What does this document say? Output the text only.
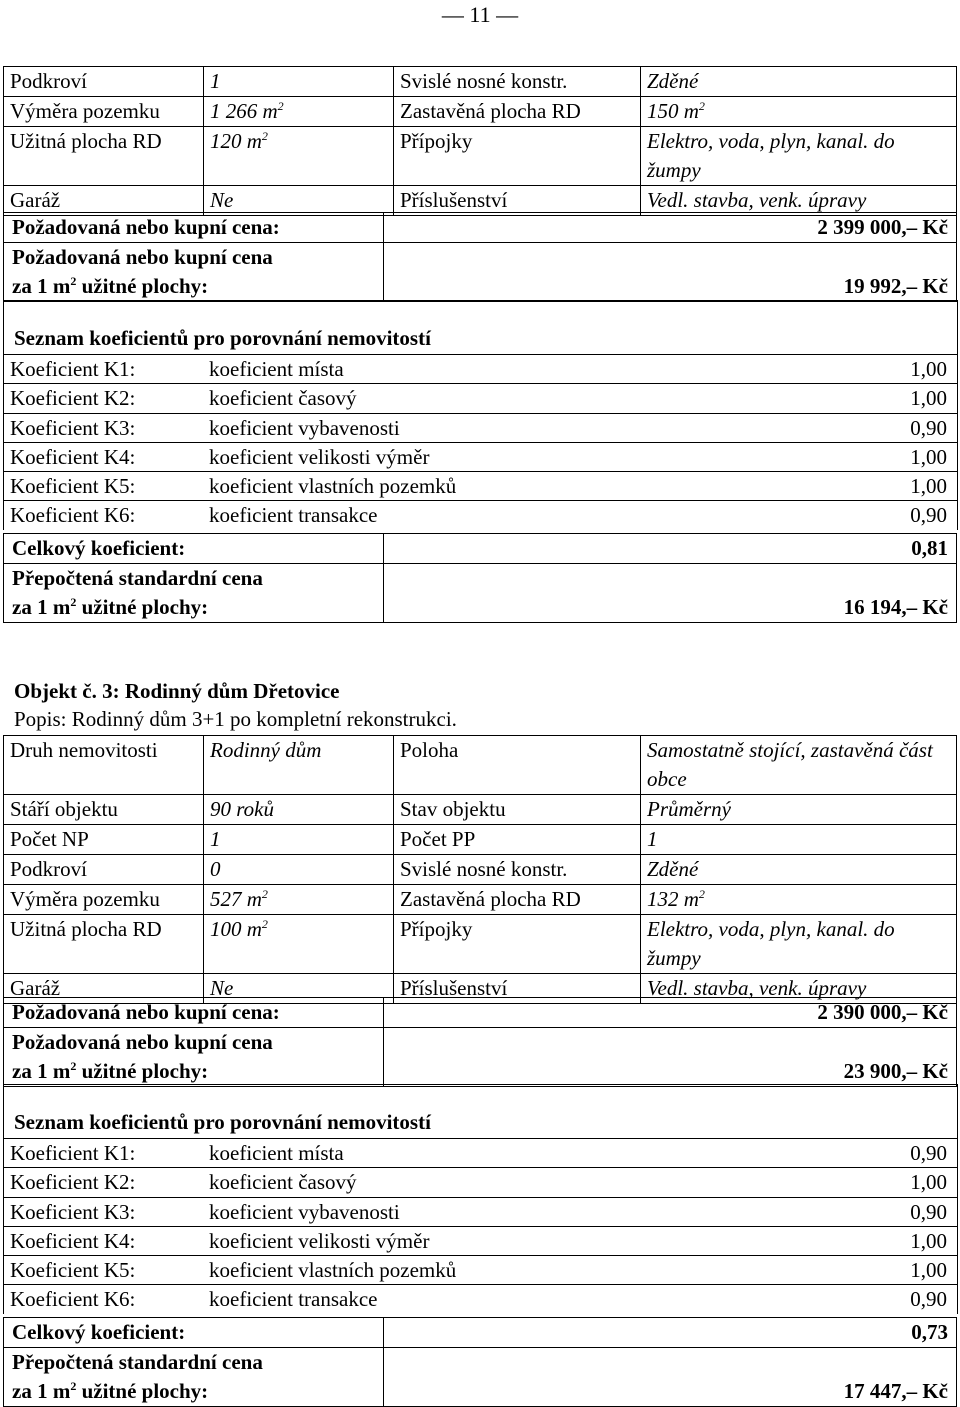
— 11 —
Podkroví	1	Svislé nosné konstr.	Zděné
Výměra pozemku	1 266 $m^2$	Zastavěná plocha RD	150 $m^2$
Užitná plocha RD	120 $m^2$	Přípojky	Elektro, voda, plyn, kanal. do žumpy
Garáž	Ne	Příslušenství	Vedl. stavba, venk. úpravy
Požadovaná nebo kupní cena:	2 399 000,– Kč

Požadovaná nebo kupní cena
za 1 $m^2$ užitné plochy:	19 992,– Kč
Seznam koeficientů pro porovnání nemovitostí
Koeficient K1:	koeficient místa	1,00
Koeficient K2:	koeficient časový	1,00
Koeficient K3:	koeficient vybavenosti	0,90
Koeficient K4:	koeficient velikosti výměr	1,00
Koeficient K5:	koeficient vlastních pozemků	1,00
Koeficient K6:	koeficient transakce	0,90
Celkový koeficient:	0,81

Přepočtená standardní cena
za 1 $m^2$ užitné plochy:	16 194,– Kč
Objekt č. 3: Rodinný dům Dřetovice
Popis: Rodinný dům 3+1 po kompletní rekonstrukci.
Druh nemovitosti	Rodinný dům	Poloha	Samostatně stojící, zastavěná část obce
Stáří objektu	90 roků	Stav objektu	Průměrný
Počet NP	1	Počet PP	1
Podkroví	0	Svislé nosné konstr.	Zděné
Výměra pozemku	527 $m^2$	Zastavěná plocha RD	132 $m^2$
Užitná plocha RD	100 $m^2$	Přípojky	Elektro, voda, plyn, kanal. do žumpy
Garáž	Ne	Příslušenství	Vedl. stavba, venk. úpravy
Požadovaná nebo kupní cena:	2 390 000,– Kč

Požadovaná nebo kupní cena
za 1 $m^2$ užitné plochy:	23 900,– Kč
Seznam koeficientů pro porovnání nemovitostí
Koeficient K1:	koeficient místa	0,90
Koeficient K2:	koeficient časový	1,00
Koeficient K3:	koeficient vybavenosti	0,90
Koeficient K4:	koeficient velikosti výměr	1,00
Koeficient K5:	koeficient vlastních pozemků	1,00
Koeficient K6:	koeficient transakce	0,90
Celkový koeficient:	0,73

Přepočtená standardní cena
za 1 $m^2$ užitné plochy:	17 447,– Kč
